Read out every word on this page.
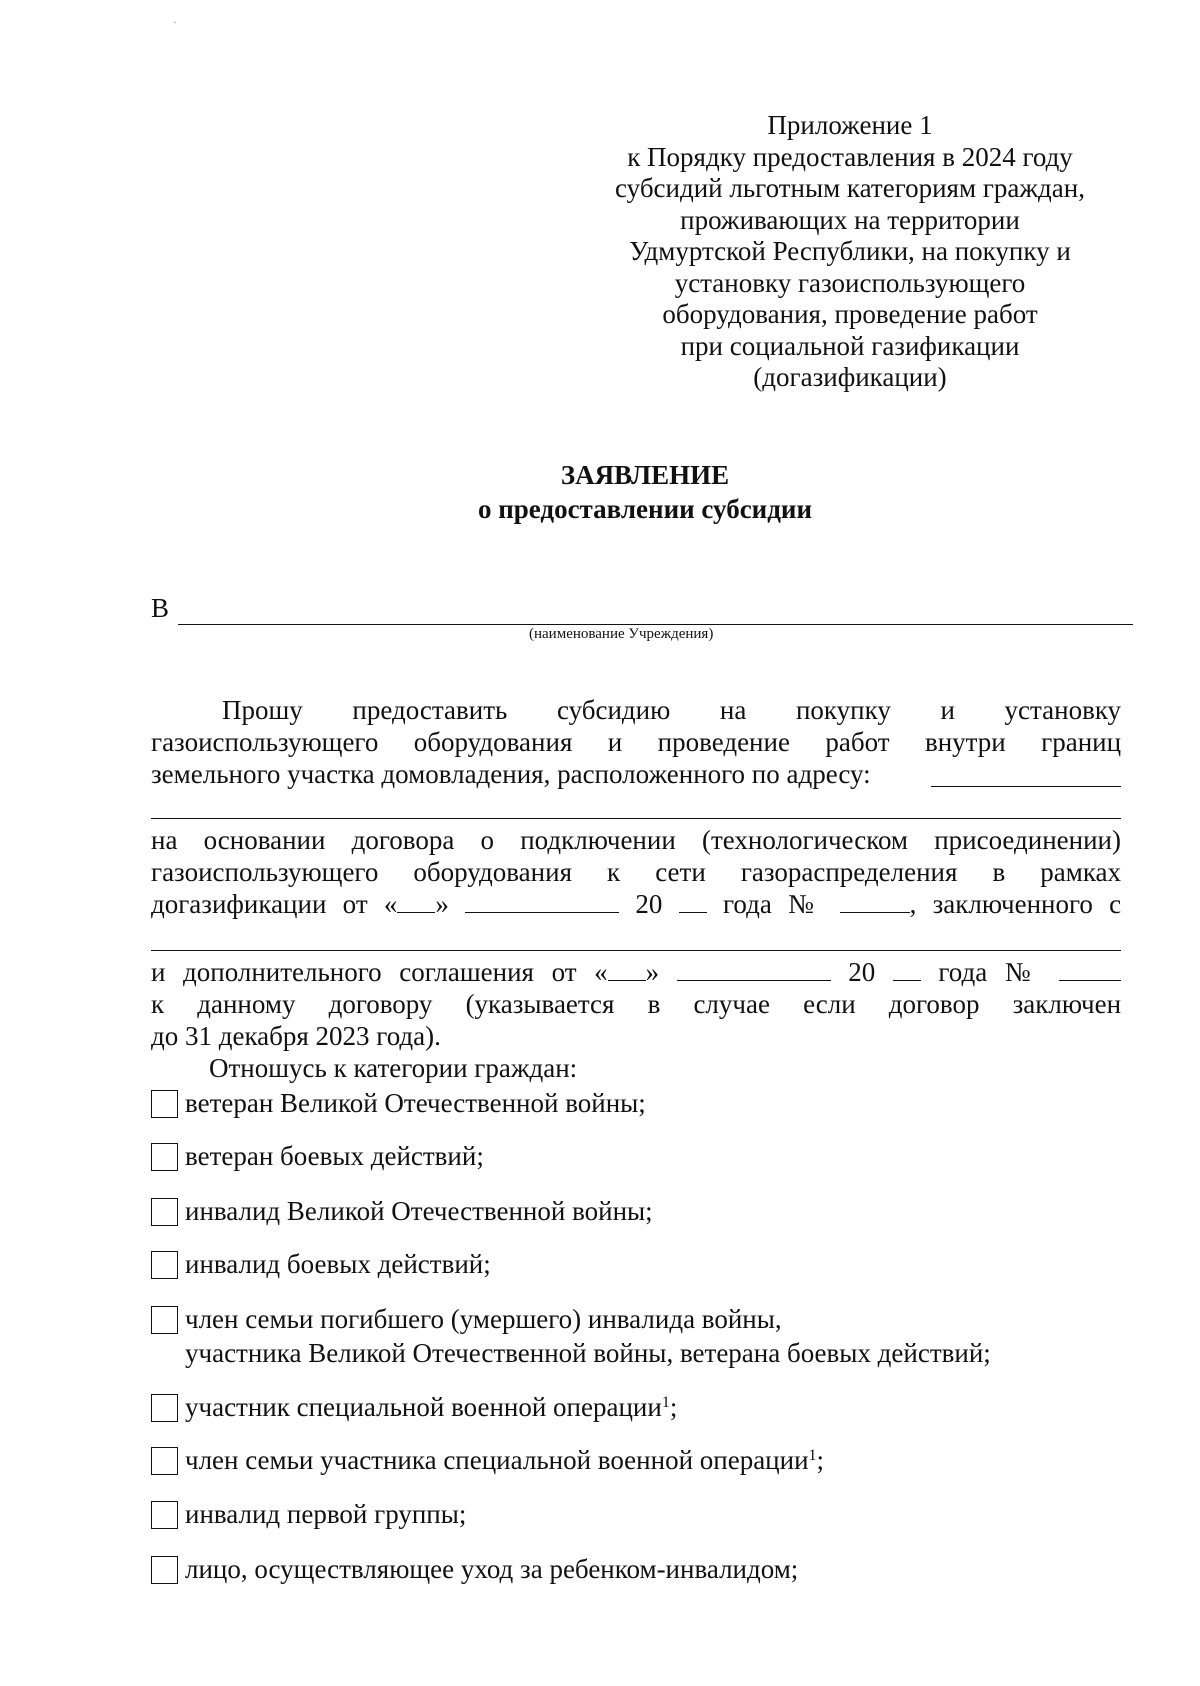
ˏ
Приложение 1
к Порядку предоставления в 2024 году
субсидий льготным категориям граждан,
проживающих на территории
Удмуртской Республики, на покупку и
установку газоиспользующего
оборудования, проведение работ
при социальной газификации
(догазификации)
ЗАЯВЛЕНИЕ
о предоставлении субсидии
В
(наименование Учреждения)
Прошу предоставить субсидию на покупку и установку
газоиспользующего оборудования и проведение работ внутри границ
земельного участка домовладения, расположенного по адресу:
на основании договора о подключении (технологическом присоединении)
газоиспользующего оборудования к сети газораспределения в рамках
догазификации от « »	20 года №	, заключенного с
и дополнительного соглашения от « »	20 года №
к данному договору (указывается в случае если договор заключен
до 31 декабря 2023 года).
Отношусь к категории граждан:
ветеран Великой Отечественной войны;
ветеран боевых действий;
инвалид Великой Отечественной войны;
инвалид боевых действий;
член семьи погибшего (умершего) инвалида войны,
участника Великой Отечественной войны, ветерана боевых действий;
участник специальной военной операции$^1$;
член семьи участника специальной военной операции$^1$;
инвалид первой группы;
лицо, осуществляющее уход за ребенком-инвалидом;
